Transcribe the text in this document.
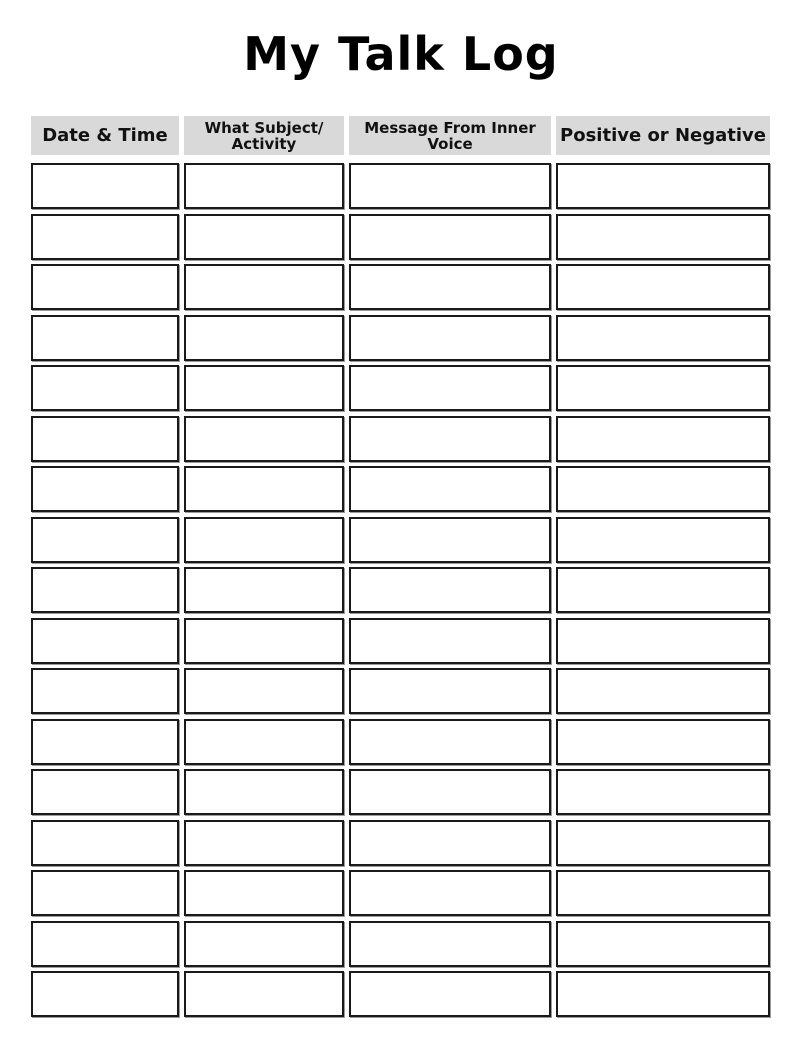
My Talk Log
Date & Time	What Subject/ Activity
Message From Inner Voice	Positive or Negative
